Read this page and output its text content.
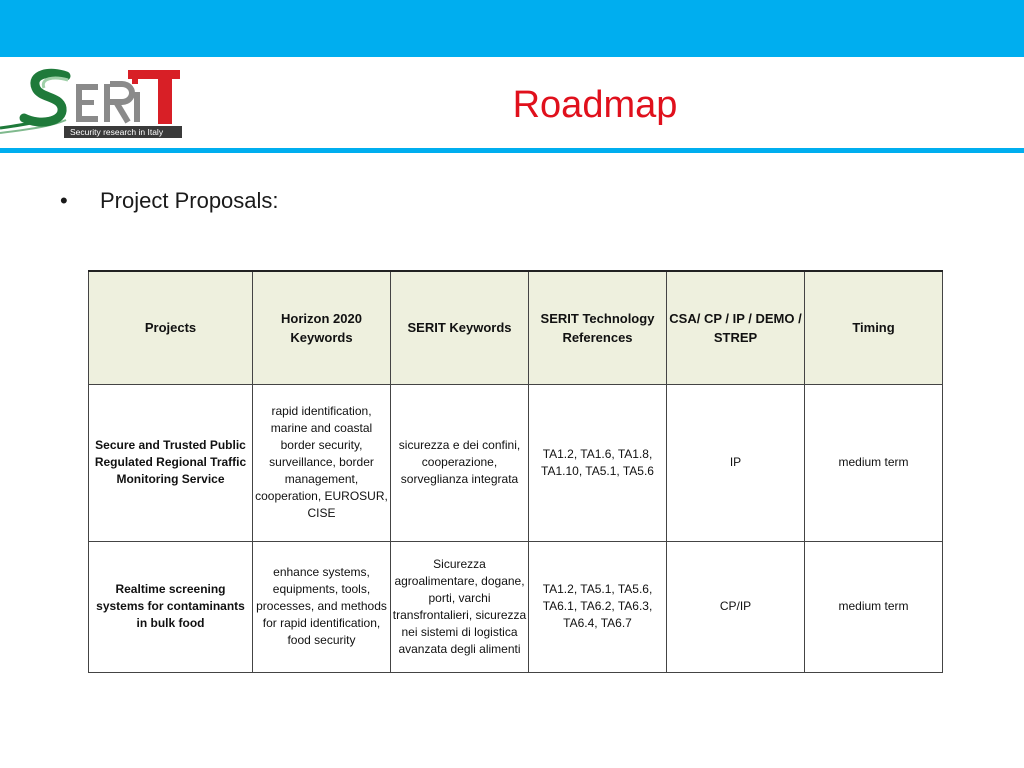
Security research in Italy
Roadmap
• Project Proposals:
Projects	Horizon 2020 Keywords	SERIT Keywords	SERIT Technology References	CSA/ CP / IP / DEMO / STREP	Timing
Secure and Trusted Public Regulated Regional Traffic Monitoring Service	rapid identification, marine and coastal border security, surveillance, border management, cooperation, EUROSUR, CISE	sicurezza e dei confini, cooperazione, sorveglianza integrata	TA1.2, TA1.6, TA1.8, TA1.10, TA5.1, TA5.6	IP	medium term
Realtime screening systems for contaminants in bulk food	enhance systems, equipments, tools, processes, and methods for rapid identification, food security	Sicurezza agroalimentare, dogane, porti, varchi transfrontalieri, sicurezza nei sistemi di logistica avanzata degli alimenti	TA1.2, TA5.1, TA5.6, TA6.1, TA6.2, TA6.3, TA6.4, TA6.7	CP/IP	medium term
